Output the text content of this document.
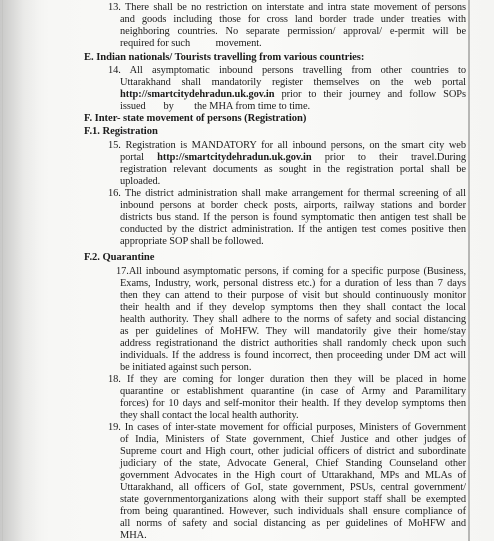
13. There shall be no restriction on interstate and intra state movement of persons
and goods including those for cross land border trade under treaties with
neighboring countries. No separate permission/ approval/ e-permit will be
required for such          movement.
E. Indian nationals/ Tourists travelling from various countries:
14. All asymptomatic inbound persons travelling from other countries to
Uttarakhand shall mandatorily register themselves on the web portal
http://smartcitydehradun.uk.gov.in prior to their journey and follow SOPs
issued       by        the MHA from time to time.
F. Inter- state movement of persons (Registration)
F.1. Registration
15. Registration is MANDATORY for all inbound persons, on the smart city web
portal http://smartcitydehradun.uk.gov.in prior to their travel.During
registration relevant documents as sought in the registration portal shall be
uploaded.
16. The district administration shall make arrangement for thermal screening of all
inbound persons at border check posts, airports, railway stations and border
districts bus stand. If the person is found symptomatic then antigen test shall be
conducted by the district administration. If the antigen test comes positive then
appropriate SOP shall be followed.
F.2. Quarantine
17.All inbound asymptomatic persons, if coming for a specific purpose (Business,
Exams, Industry, work, personal distress etc.) for a duration of less than 7 days
then they can attend to their purpose of visit but should continuously monitor
their health and if they develop symptoms then they shall contact the local
health authority. They shall adhere to the norms of safety and social distancing
as per guidelines of MoHFW. They will mandatorily give their home/stay
address registrationand the district authorities shall randomly check upon such
individuals. If the address is found incorrect, then proceeding under DM act will
be initiated against such person.
18. If they are coming for longer duration then they will be placed in home
quarantine or establishment quarantine (in case of Army and Paramilitary
forces) for 10 days and self-monitor their health. If they develop symptoms then
they shall contact the local health authority.
19. In cases of inter-state movement for official purposes, Ministers of Government
of India, Ministers of State government, Chief Justice and other judges of
Supreme court and High court, other judicial officers of district and subordinate
judiciary of the state, Advocate General, Chief Standing Counseland other
government Advocates in the High court of Uttarakhand, MPs and MLAs of
Uttarakhand, all officers of GoI, state government, PSUs, central government/
state governmentorganizations along with their support staff shall be exempted
from being quarantined. However, such individuals shall ensure compliance of
all norms of safety and social distancing as per guidelines of MoHFW and
MHA.
